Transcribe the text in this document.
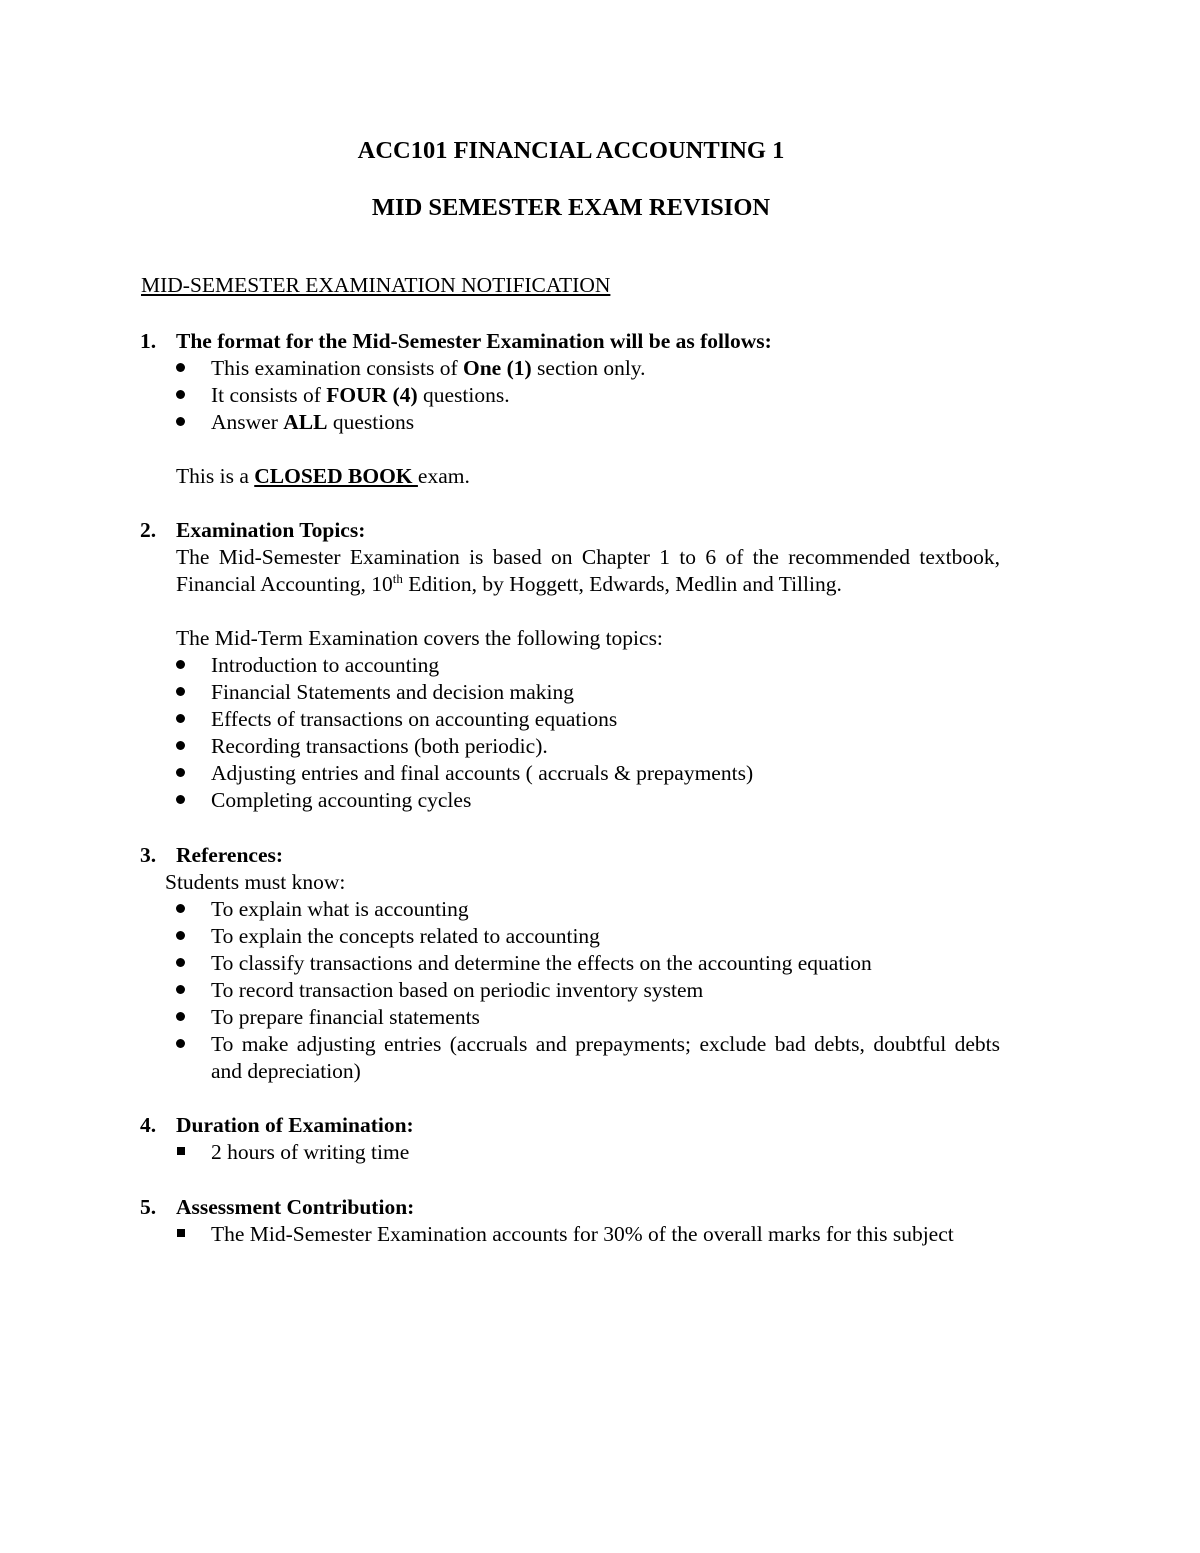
ACC101 FINANCIAL ACCOUNTING 1
MID SEMESTER EXAM REVISION
MID-SEMESTER EXAMINATION NOTIFICATION
1. The format for the Mid-Semester Examination will be as follows:
This examination consists of One (1) section only.
It consists of FOUR (4) questions.
Answer ALL questions
This is a CLOSED BOOK exam.
2. Examination Topics:
The Mid-Semester Examination is based on Chapter 1 to 6 of the recommended textbook, Financial Accounting, 10th Edition, by Hoggett, Edwards, Medlin and Tilling.
The Mid-Term Examination covers the following topics:
Introduction to accounting
Financial Statements and decision making
Effects of transactions on accounting equations
Recording transactions (both periodic).
Adjusting entries and final accounts ( accruals & prepayments)
Completing accounting cycles
3. References:
Students must know:
To explain what is accounting
To explain the concepts related to accounting
To classify transactions and determine the effects on the accounting equation
To record transaction based on periodic inventory system
To prepare financial statements
To make adjusting entries (accruals and prepayments; exclude bad debts, doubtful debts and depreciation)
4. Duration of Examination:
2 hours of writing time
5. Assessment Contribution:
The Mid-Semester Examination accounts for 30% of the overall marks for this subject
